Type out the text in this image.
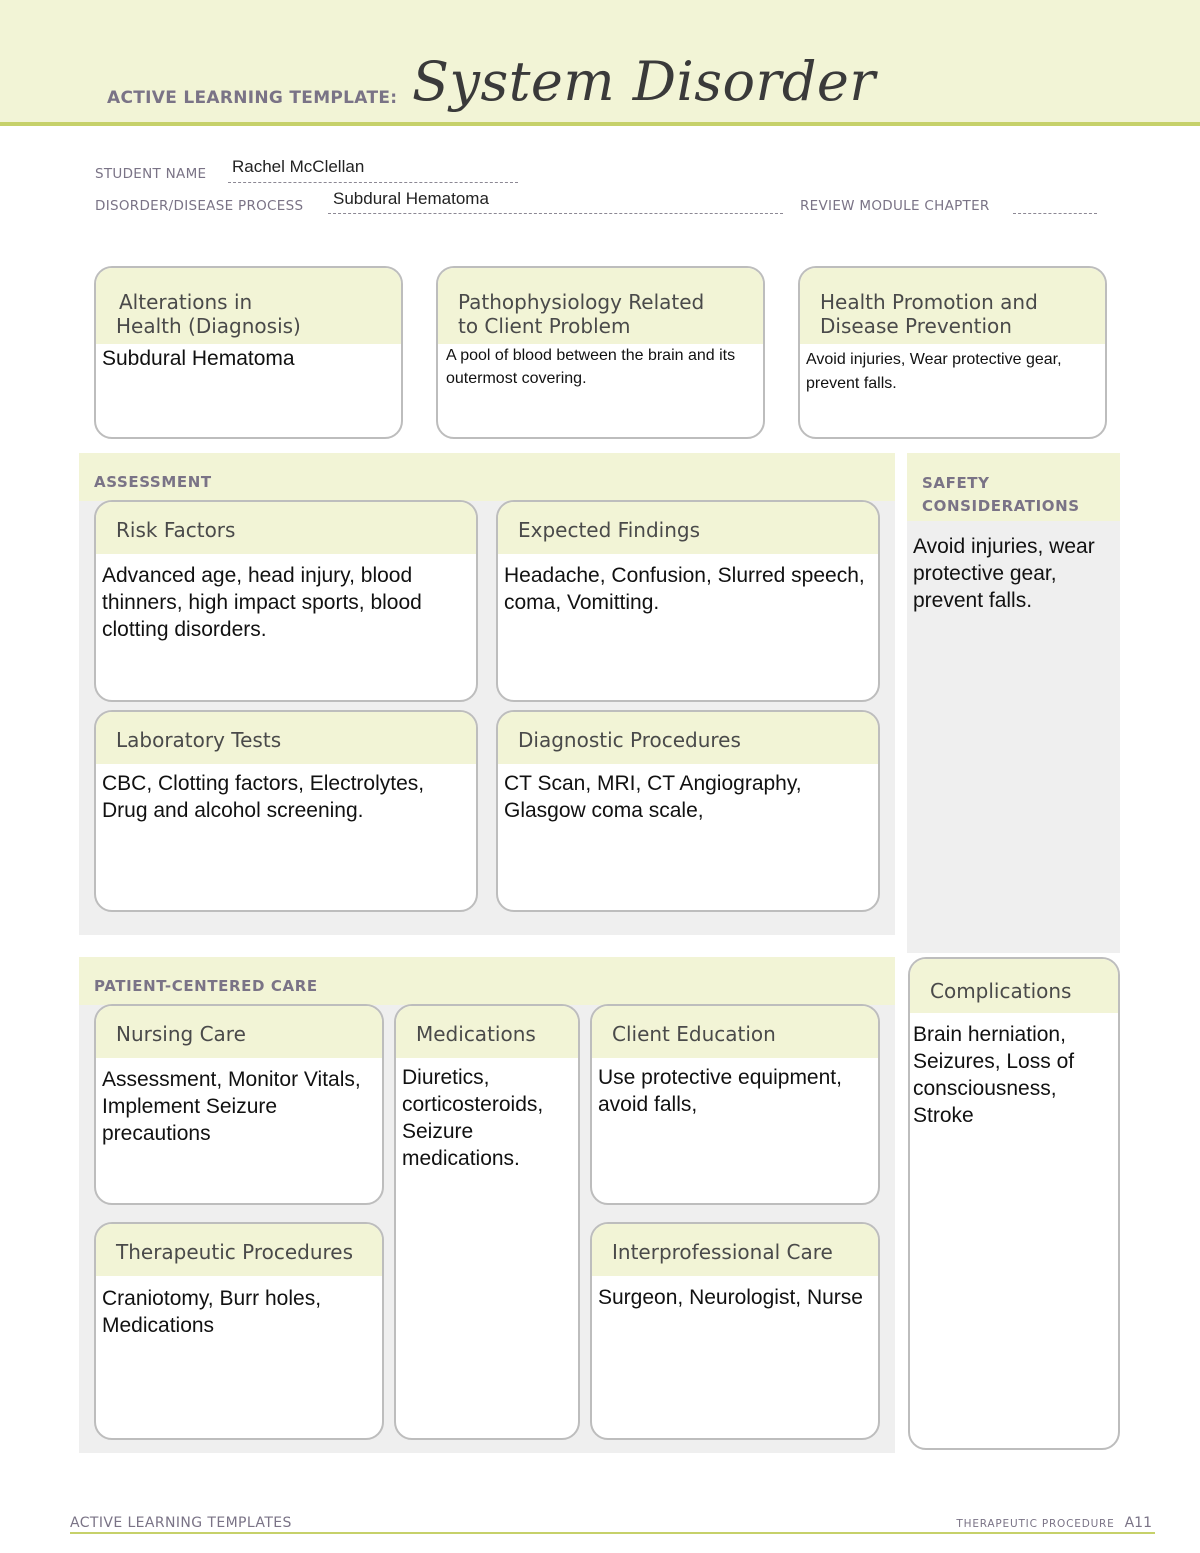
ACTIVE LEARNING TEMPLATE: System Disorder
STUDENT NAME Rachel McClellan
DISORDER/DISEASE PROCESS Subdural Hematoma	REVIEW MODULE CHAPTER
Alterations in
Health (Diagnosis)
Subdural Hematoma
Pathophysiology Related
to Client Problem
A pool of blood between the brain and its outermost covering.
Health Promotion and
Disease Prevention
Avoid injuries, Wear protective gear, prevent falls.
ASSESSMENT
Risk Factors
Advanced age, head injury, blood thinners, high impact sports, blood clotting disorders.
Expected Findings
Headache, Confusion, Slurred speech, coma, Vomitting.
Laboratory Tests
CBC, Clotting factors, Electrolytes, Drug and alcohol screening.
Diagnostic Procedures
CT Scan, MRI, CT Angiography, Glasgow coma scale,
SAFETY
CONSIDERATIONS
Avoid injuries, wear protective gear, prevent falls.
PATIENT-CENTERED CARE
Nursing Care
Assessment, Monitor Vitals, Implement Seizure precautions
Medications
Diuretics, corticosteroids, Seizure medications.
Client Education
Use protective equipment, avoid falls,
Therapeutic Procedures
Craniotomy, Burr holes, Medications
Interprofessional Care
Surgeon, Neurologist, Nurse
Complications
Brain herniation, Seizures, Loss of consciousness, Stroke
ACTIVE LEARNING TEMPLATES	THERAPEUTIC PROCEDURE A11
